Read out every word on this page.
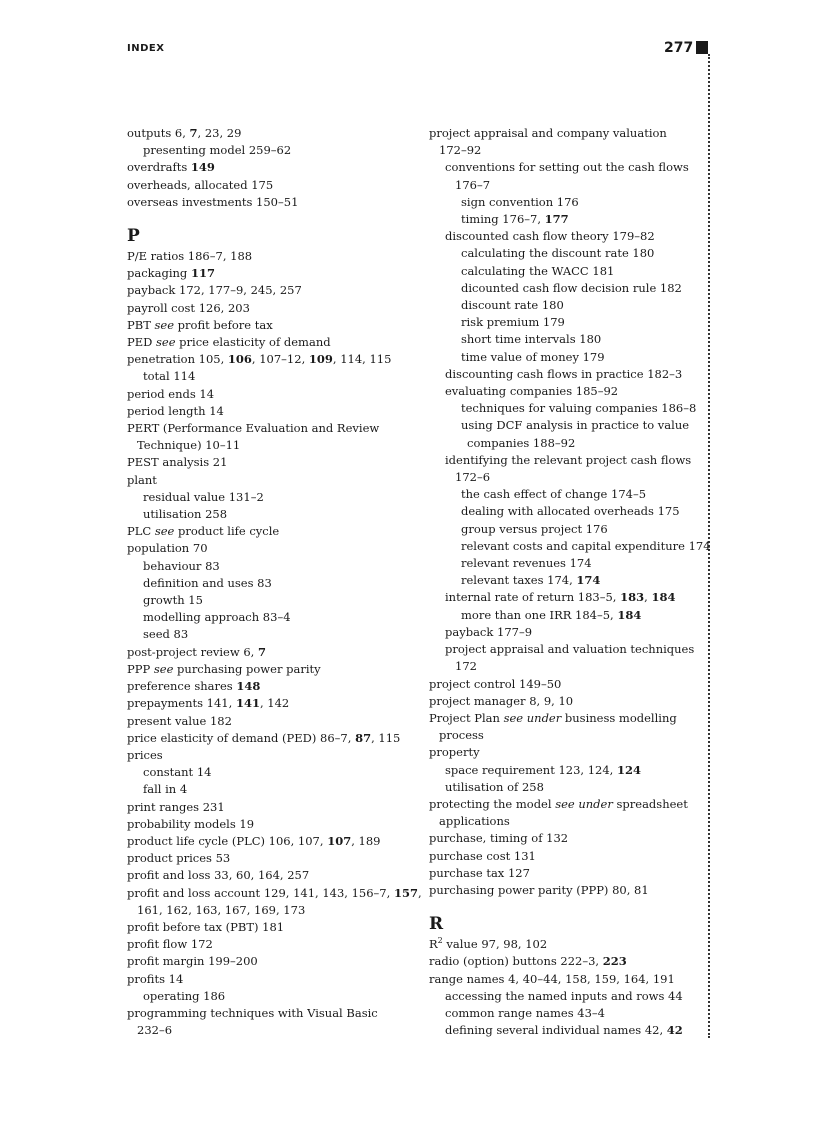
INDEX	277
outputs 6, 7, 23, 29
presenting model 259–62
overdrafts 149
overheads, allocated 175
overseas investments 150–51
P
P/E ratios 186–7, 188
packaging 117
payback 172, 177–9, 245, 257
payroll cost 126, 203
PBT see profit before tax
PED see price elasticity of demand
penetration 105, 106, 107–12, 109, 114, 115
total 114
period ends 14
period length 14
PERT (Performance Evaluation and Review
Technique) 10–11
PEST analysis 21
plant
residual value 131–2
utilisation 258
PLC see product life cycle
population 70
behaviour 83
definition and uses 83
growth 15
modelling approach 83–4
seed 83
post-project review 6, 7
PPP see purchasing power parity
preference shares 148
prepayments 141, 141, 142
present value 182
price elasticity of demand (PED) 86–7, 87, 115
prices
constant 14
fall in 4
print ranges 231
probability models 19
product life cycle (PLC) 106, 107, 107, 189
product prices 53
profit and loss 33, 60, 164, 257
profit and loss account 129, 141, 143, 156–7, 157,
161, 162, 163, 167, 169, 173
profit before tax (PBT) 181
profit flow 172
profit margin 199–200
profits 14
operating 186
programming techniques with Visual Basic
232–6
project appraisal and company valuation
172–92
conventions for setting out the cash flows
176–7
sign convention 176
timing 176–7, 177
discounted cash flow theory 179–82
calculating the discount rate 180
calculating the WACC 181
dicounted cash flow decision rule 182
discount rate 180
risk premium 179
short time intervals 180
time value of money 179
discounting cash flows in practice 182–3
evaluating companies 185–92
techniques for valuing companies 186–8
using DCF analysis in practice to value
companies 188–92
identifying the relevant project cash flows
172–6
the cash effect of change 174–5
dealing with allocated overheads 175
group versus project 176
relevant costs and capital expenditure 174
relevant revenues 174
relevant taxes 174, 174
internal rate of return 183–5, 183, 184
more than one IRR 184–5, 184
payback 177–9
project appraisal and valuation techniques
172
project control 149–50
project manager 8, 9, 10
Project Plan see under business modelling
process
property
space requirement 123, 124, 124
utilisation of 258
protecting the model see under spreadsheet
applications
purchase, timing of 132
purchase cost 131
purchase tax 127
purchasing power parity (PPP) 80, 81
R
$R^2$ value 97, 98, 102
radio (option) buttons 222–3, 223
range names 4, 40–44, 158, 159, 164, 191
accessing the named inputs and rows 44
common range names 43–4
defining several individual names 42, 42
